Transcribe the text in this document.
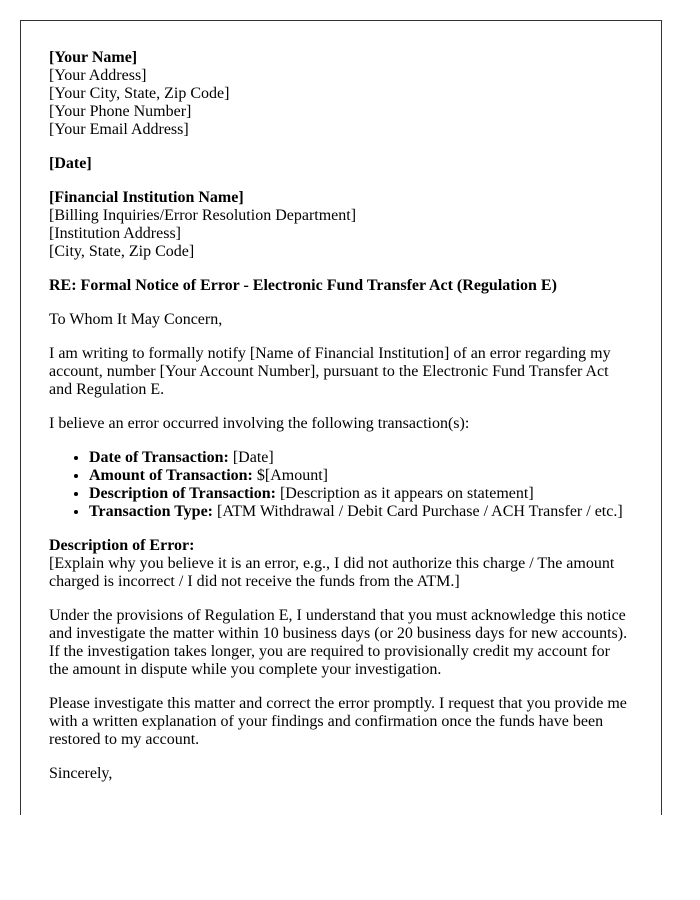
[Your Name]
[Your Address]
[Your City, State, Zip Code]
[Your Phone Number]
[Your Email Address]

[Date]

[Financial Institution Name]
[Billing Inquiries/Error Resolution Department]
[Institution Address]
[City, State, Zip Code]

RE: Formal Notice of Error - Electronic Fund Transfer Act (Regulation E)

To Whom It May Concern,

I am writing to formally notify [Name of Financial Institution] of an error regarding my account, number [Your Account Number], pursuant to the Electronic Fund Transfer Act and Regulation E.

I believe an error occurred involving the following transaction(s):

• Date of Transaction: [Date]
• Amount of Transaction: $[Amount]
• Description of Transaction: [Description as it appears on statement]
• Transaction Type: [ATM Withdrawal / Debit Card Purchase / ACH Transfer / etc.]

Description of Error:
[Explain why you believe it is an error, e.g., I did not authorize this charge / The amount charged is incorrect / I did not receive the funds from the ATM.]

Under the provisions of Regulation E, I understand that you must acknowledge this notice and investigate the matter within 10 business days (or 20 business days for new accounts). If the investigation takes longer, you are required to provisionally credit my account for the amount in dispute while you complete your investigation.

Please investigate this matter and correct the error promptly. I request that you provide me with a written explanation of your findings and confirmation once the funds have been restored to my account.

Sincerely,
